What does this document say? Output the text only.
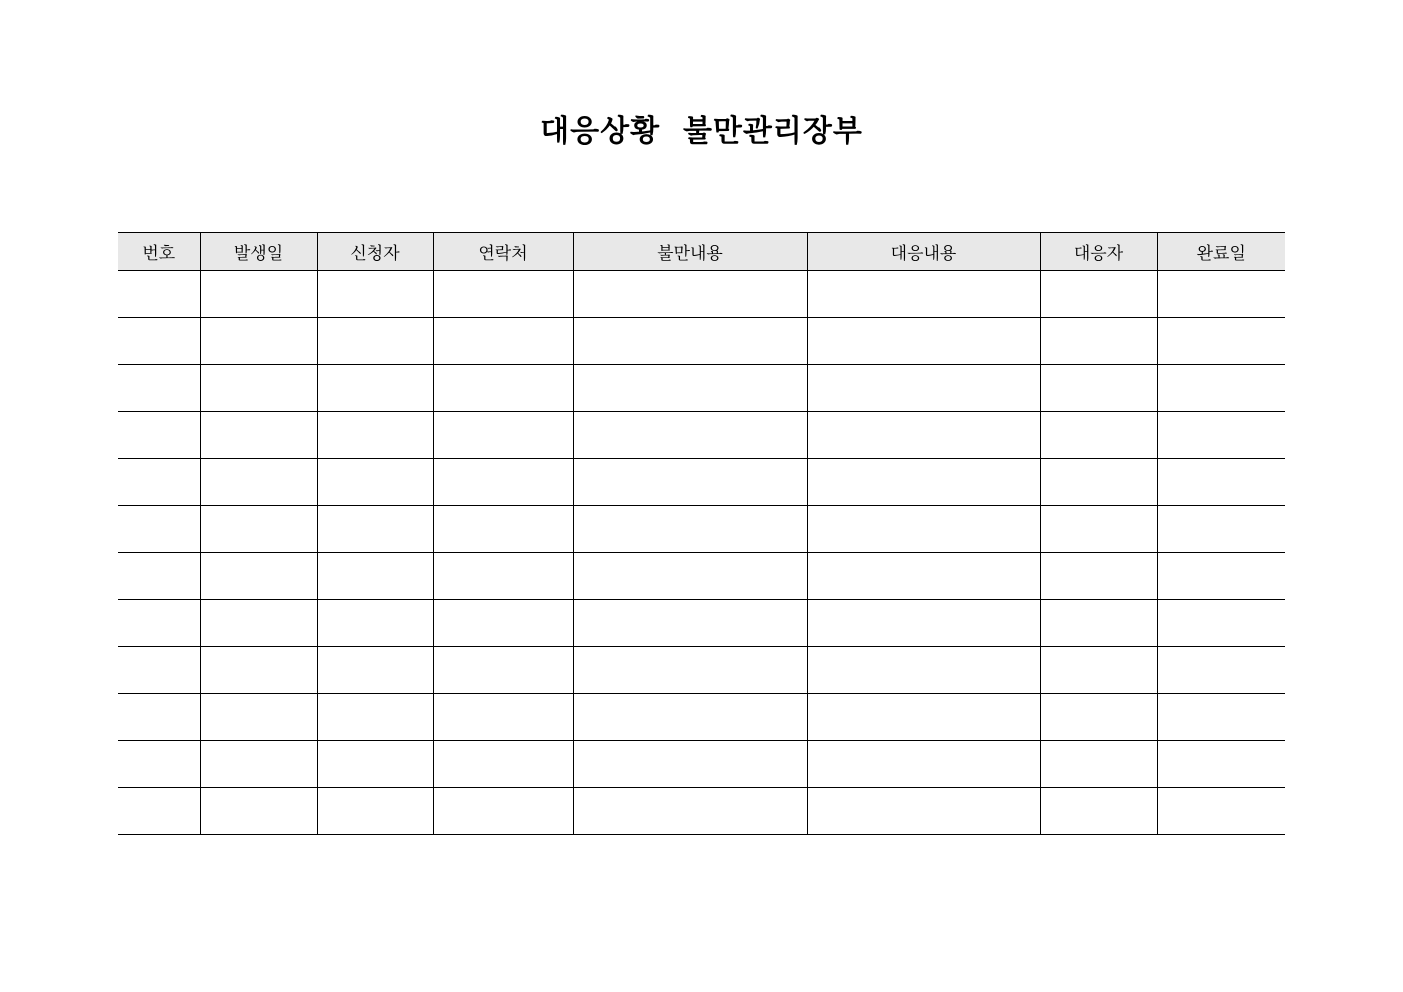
대응상황  불만관리장부
번호	발생일	신청자	연락처	불만내용	대응내용	대응자	완료일
